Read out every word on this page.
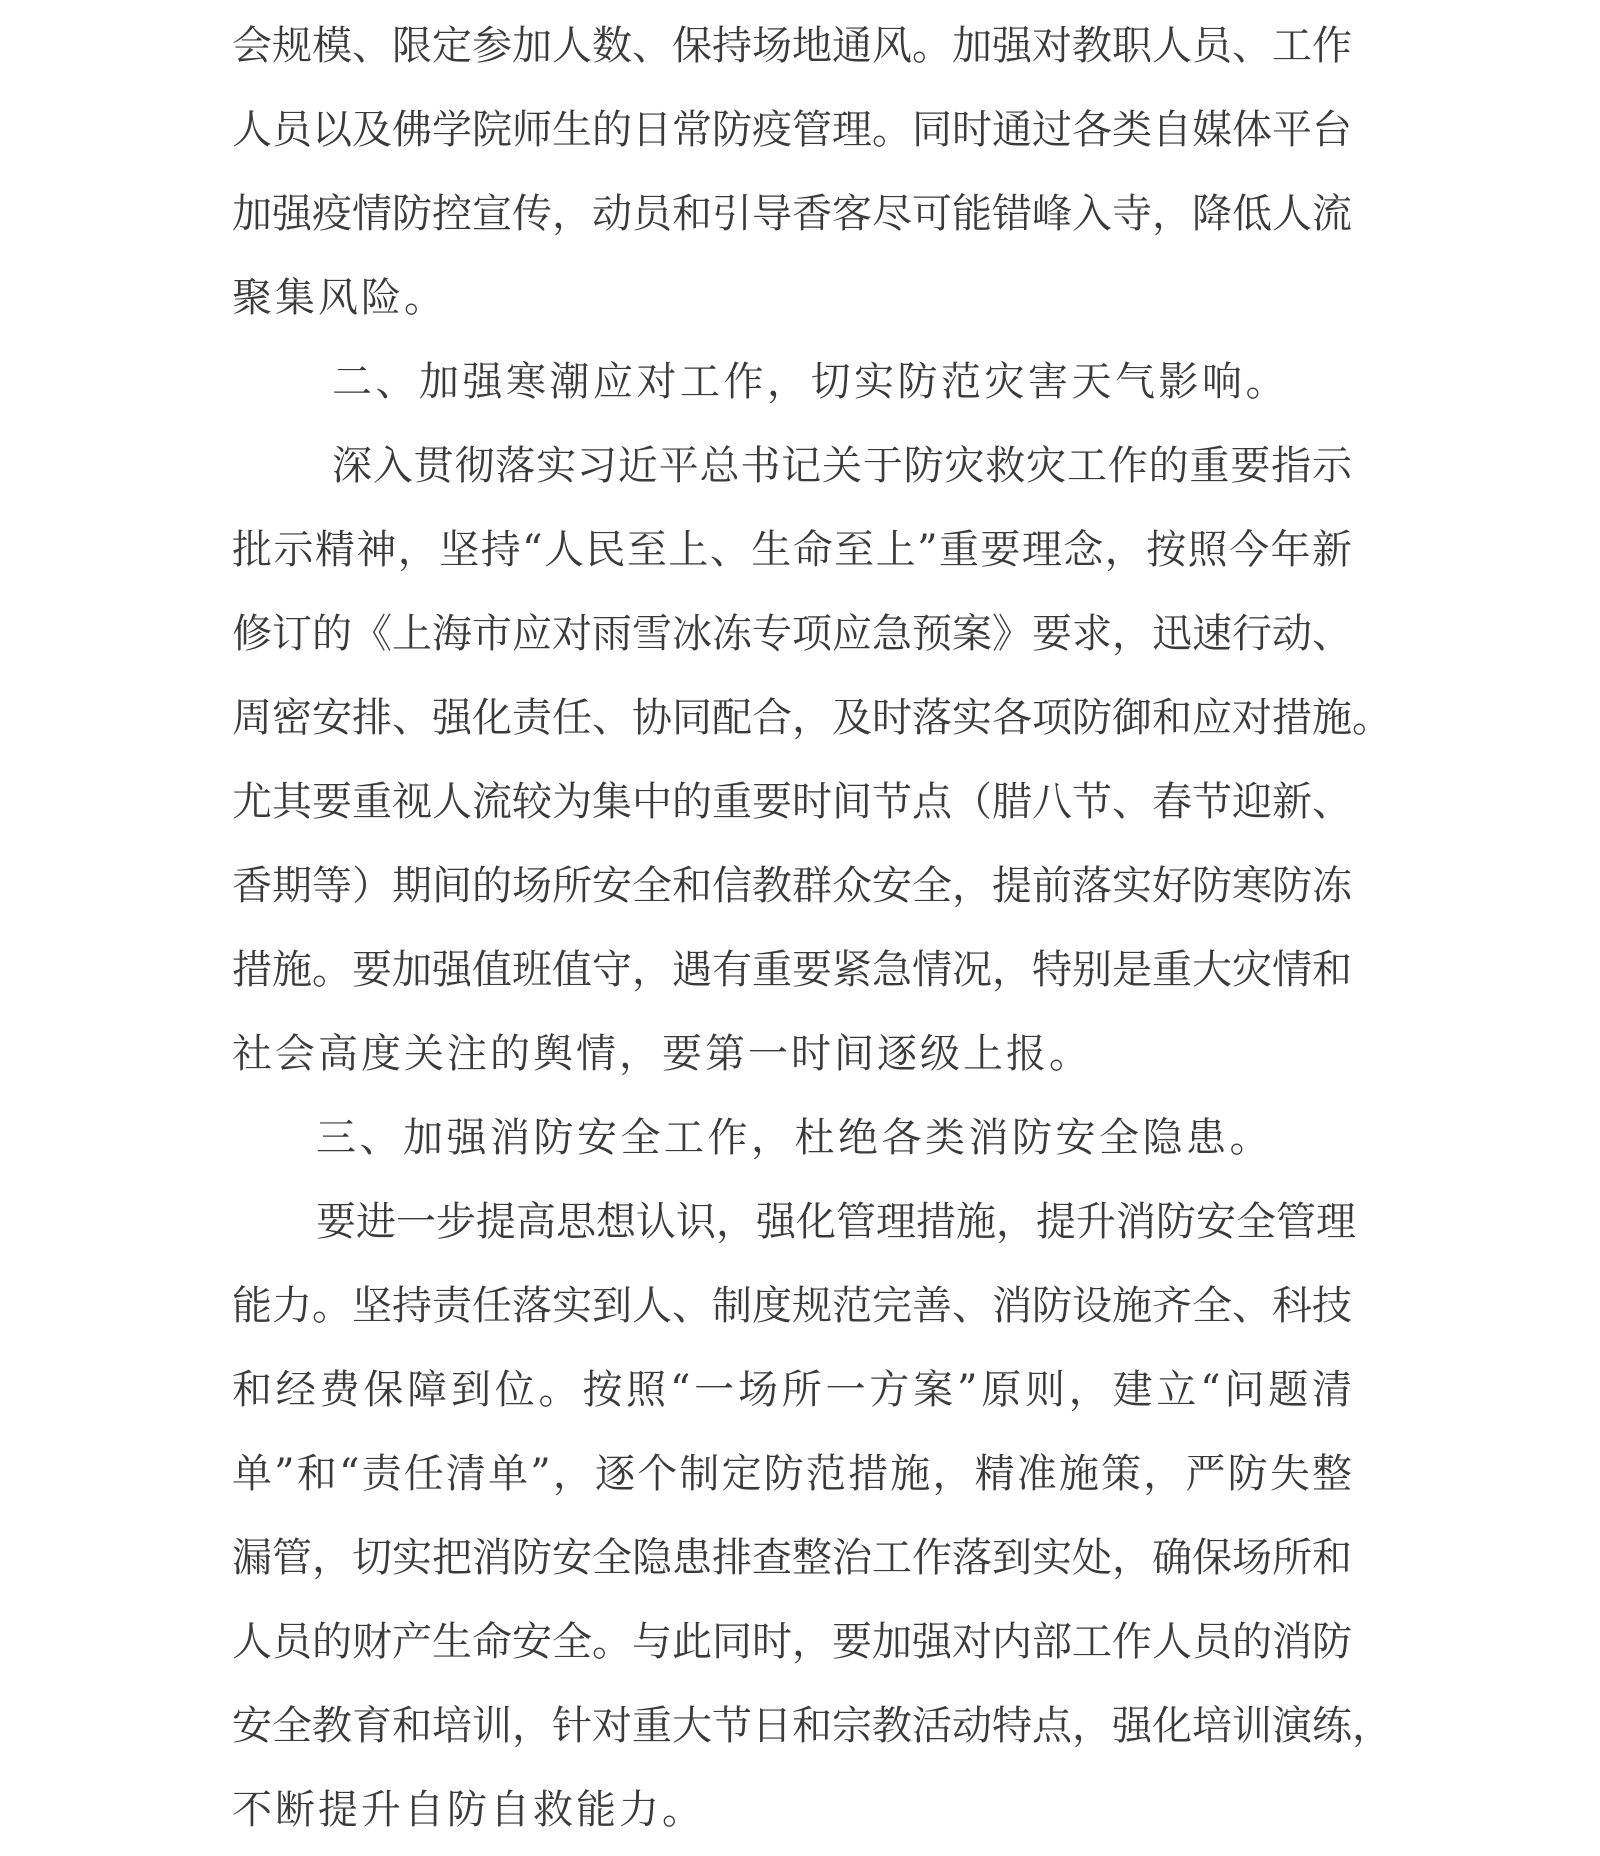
会规模、限定参加人数、保持场地通风。加强对教职人员、工作
人员以及佛学院师生的日常防疫管理。同时通过各类自媒体平台
加强疫情防控宣传，动员和引导香客尽可能错峰入寺，降低人流
聚集风险。
二、加强寒潮应对工作，切实防范灾害天气影响。
深入贯彻落实习近平总书记关于防灾救灾工作的重要指示
批示精神，坚持“人民至上、生命至上”重要理念，按照今年新
修订的《上海市应对雨雪冰冻专项应急预案》要求，迅速行动、
周密安排、强化责任、协同配合，及时落实各项防御和应对措施。
尤其要重视人流较为集中的重要时间节点（腊八节、春节迎新、
香期等）期间的场所安全和信教群众安全，提前落实好防寒防冻
措施。要加强值班值守，遇有重要紧急情况，特别是重大灾情和
社会高度关注的舆情，要第一时间逐级上报。
三、加强消防安全工作，杜绝各类消防安全隐患。
要进一步提高思想认识，强化管理措施，提升消防安全管理
能力。坚持责任落实到人、制度规范完善、消防设施齐全、科技
和经费保障到位。按照“一场所一方案”原则，建立“问题清
单”和“责任清单”，逐个制定防范措施，精准施策，严防失整
漏管，切实把消防安全隐患排查整治工作落到实处，确保场所和
人员的财产生命安全。与此同时，要加强对内部工作人员的消防
安全教育和培训，针对重大节日和宗教活动特点，强化培训演练，
不断提升自防自救能力。
